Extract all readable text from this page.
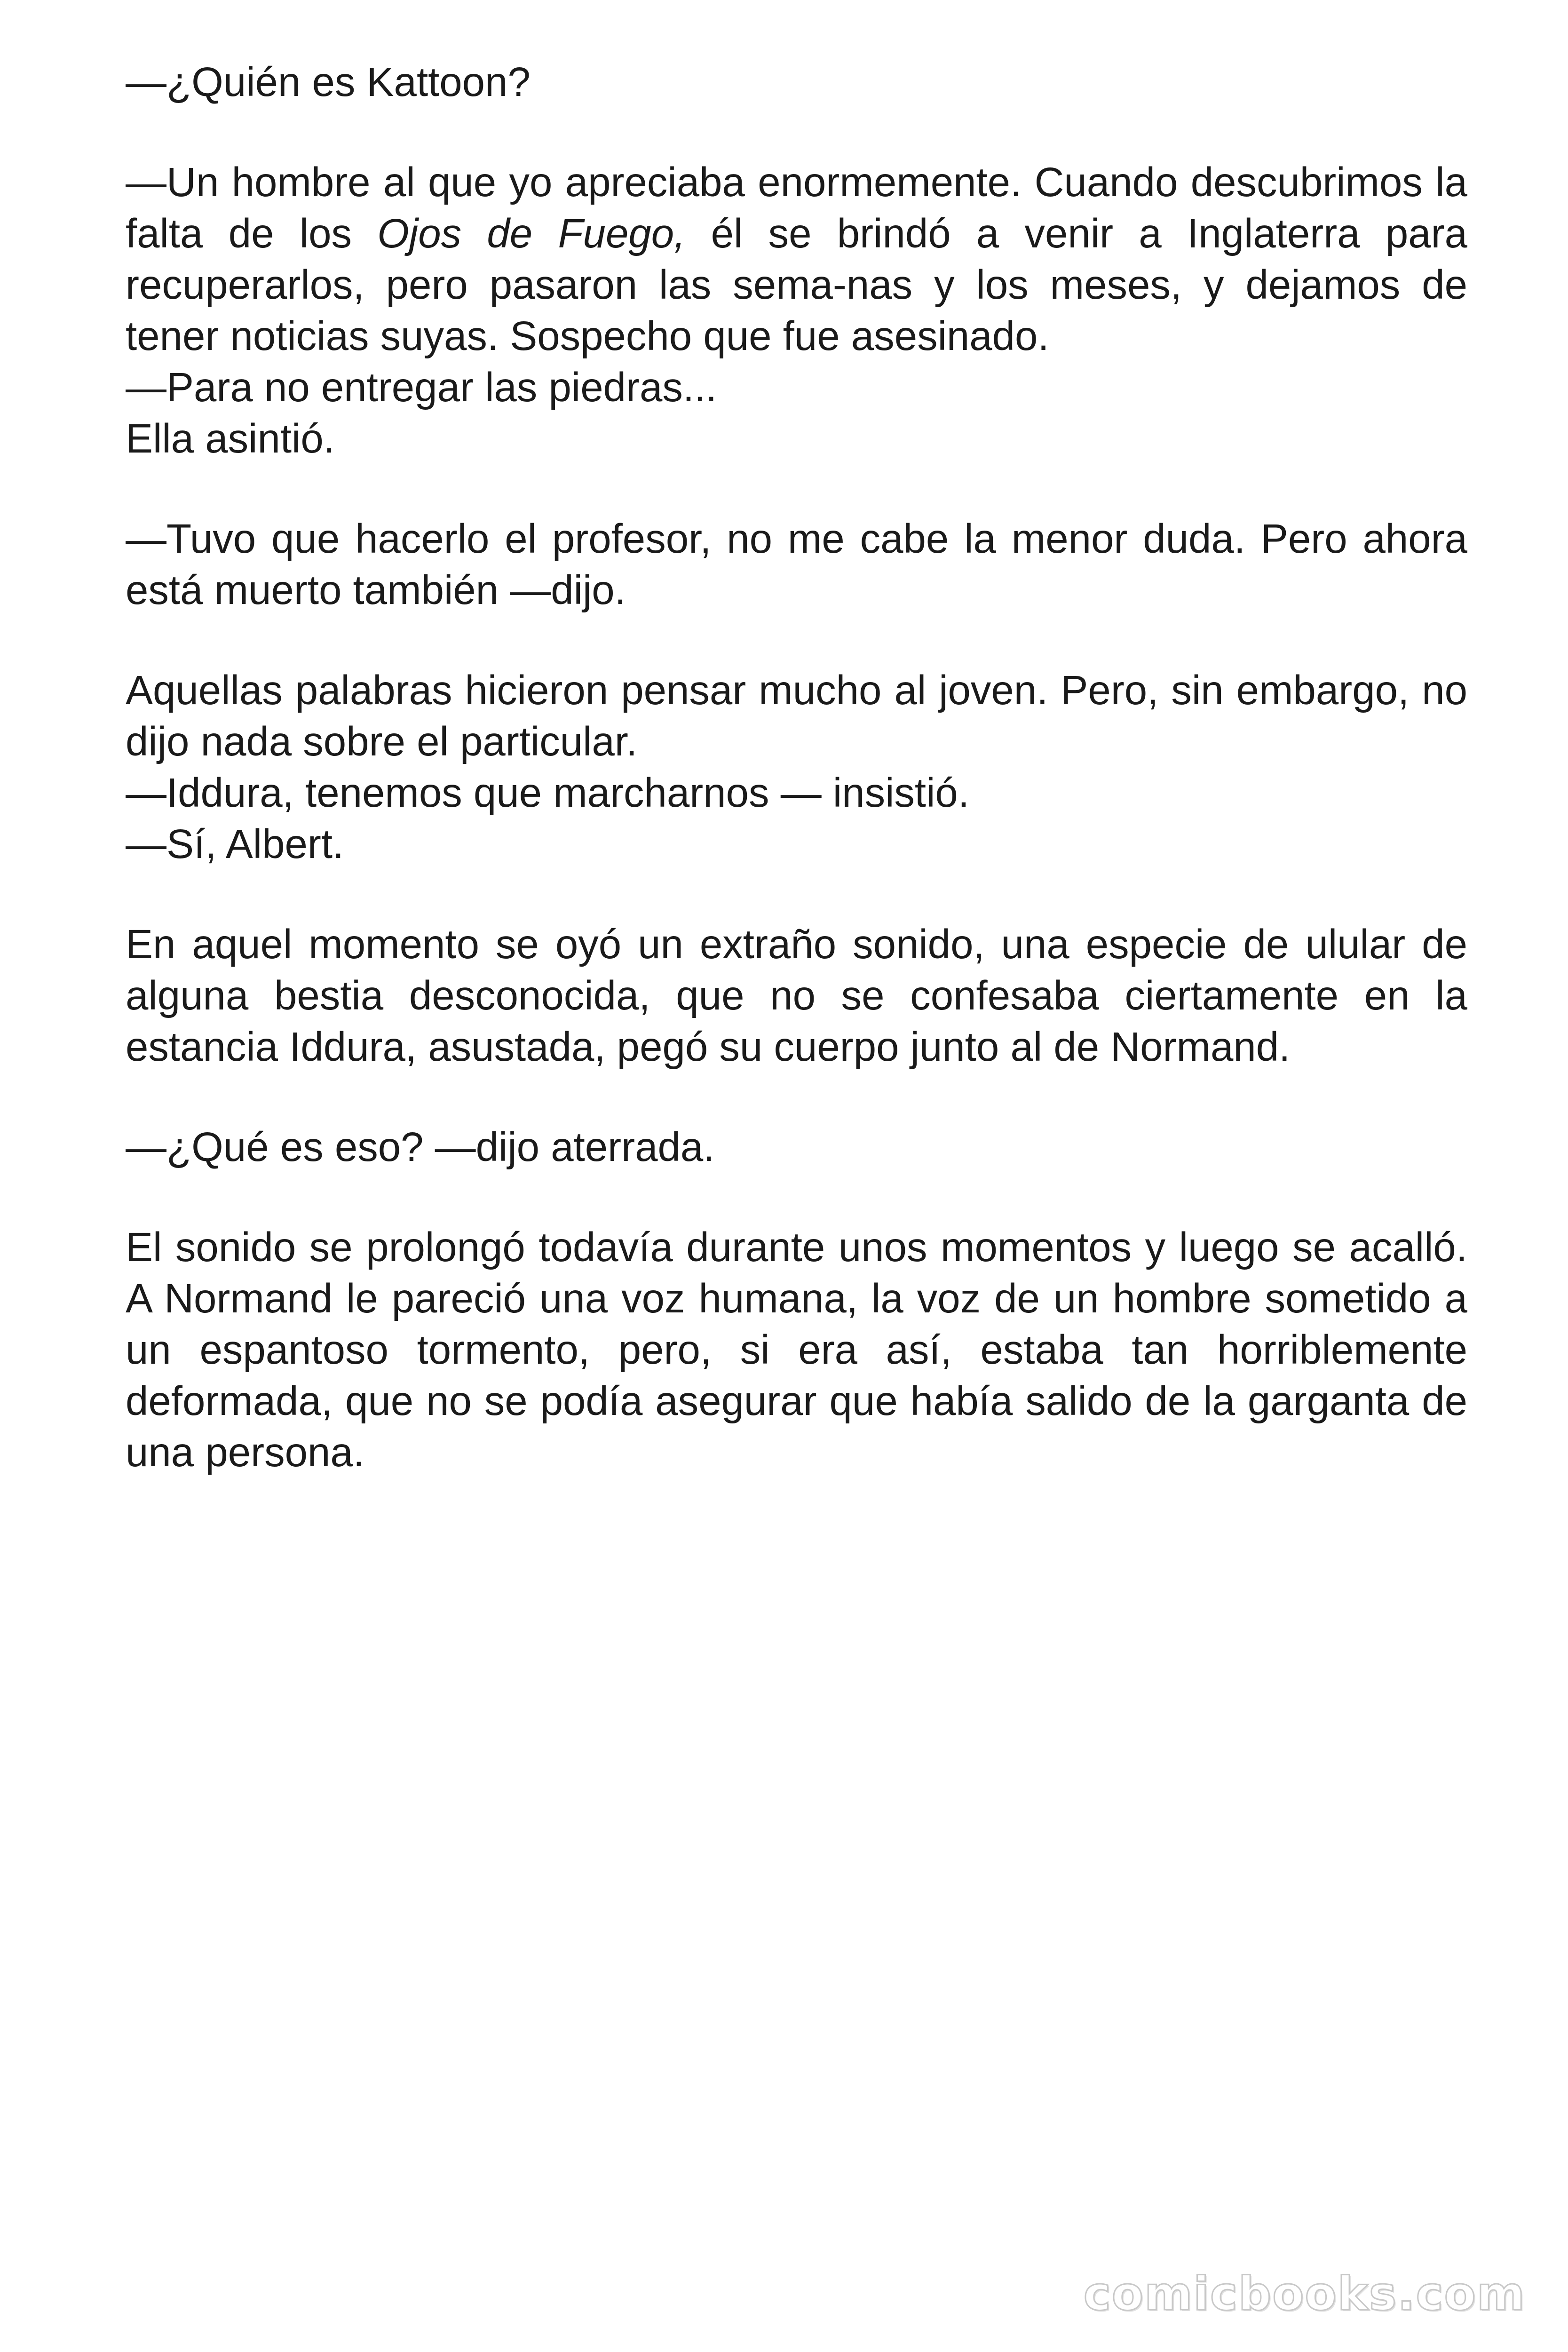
—¿Quién es Kattoon?

—Un hombre al que yo apreciaba enormemente. Cuando descubrimos la falta de los Ojos de Fuego, él se brindó a venir a Inglaterra para recuperarlos, pero pasaron las sema-nas y los meses, y dejamos de tener noticias suyas. Sospecho que fue asesinado.

—Para no entregar las piedras...

Ella asintió.

—Tuvo que hacerlo el profesor, no me cabe la menor duda. Pero ahora está muerto también —dijo.

Aquellas palabras hicieron pensar mucho al joven. Pero, sin embargo, no dijo nada sobre el particular.

—Iddura, tenemos que marcharnos — insistió.

—Sí, Albert.

En aquel momento se oyó un extraño sonido, una especie de ulular de alguna bestia desconocida, que no se confesaba ciertamente en la estancia Iddura, asustada, pegó su cuerpo junto al de Normand.

—¿Qué es eso? —dijo aterrada.

El sonido se prolongó todavía durante unos momentos y luego se acalló. A Normand le pareció una voz humana, la voz de un hombre sometido a un espantoso tormento, pero, si era así, estaba tan horriblemente deformada, que no se podía asegurar que había salido de la garganta de una persona.

comicbooks.com
